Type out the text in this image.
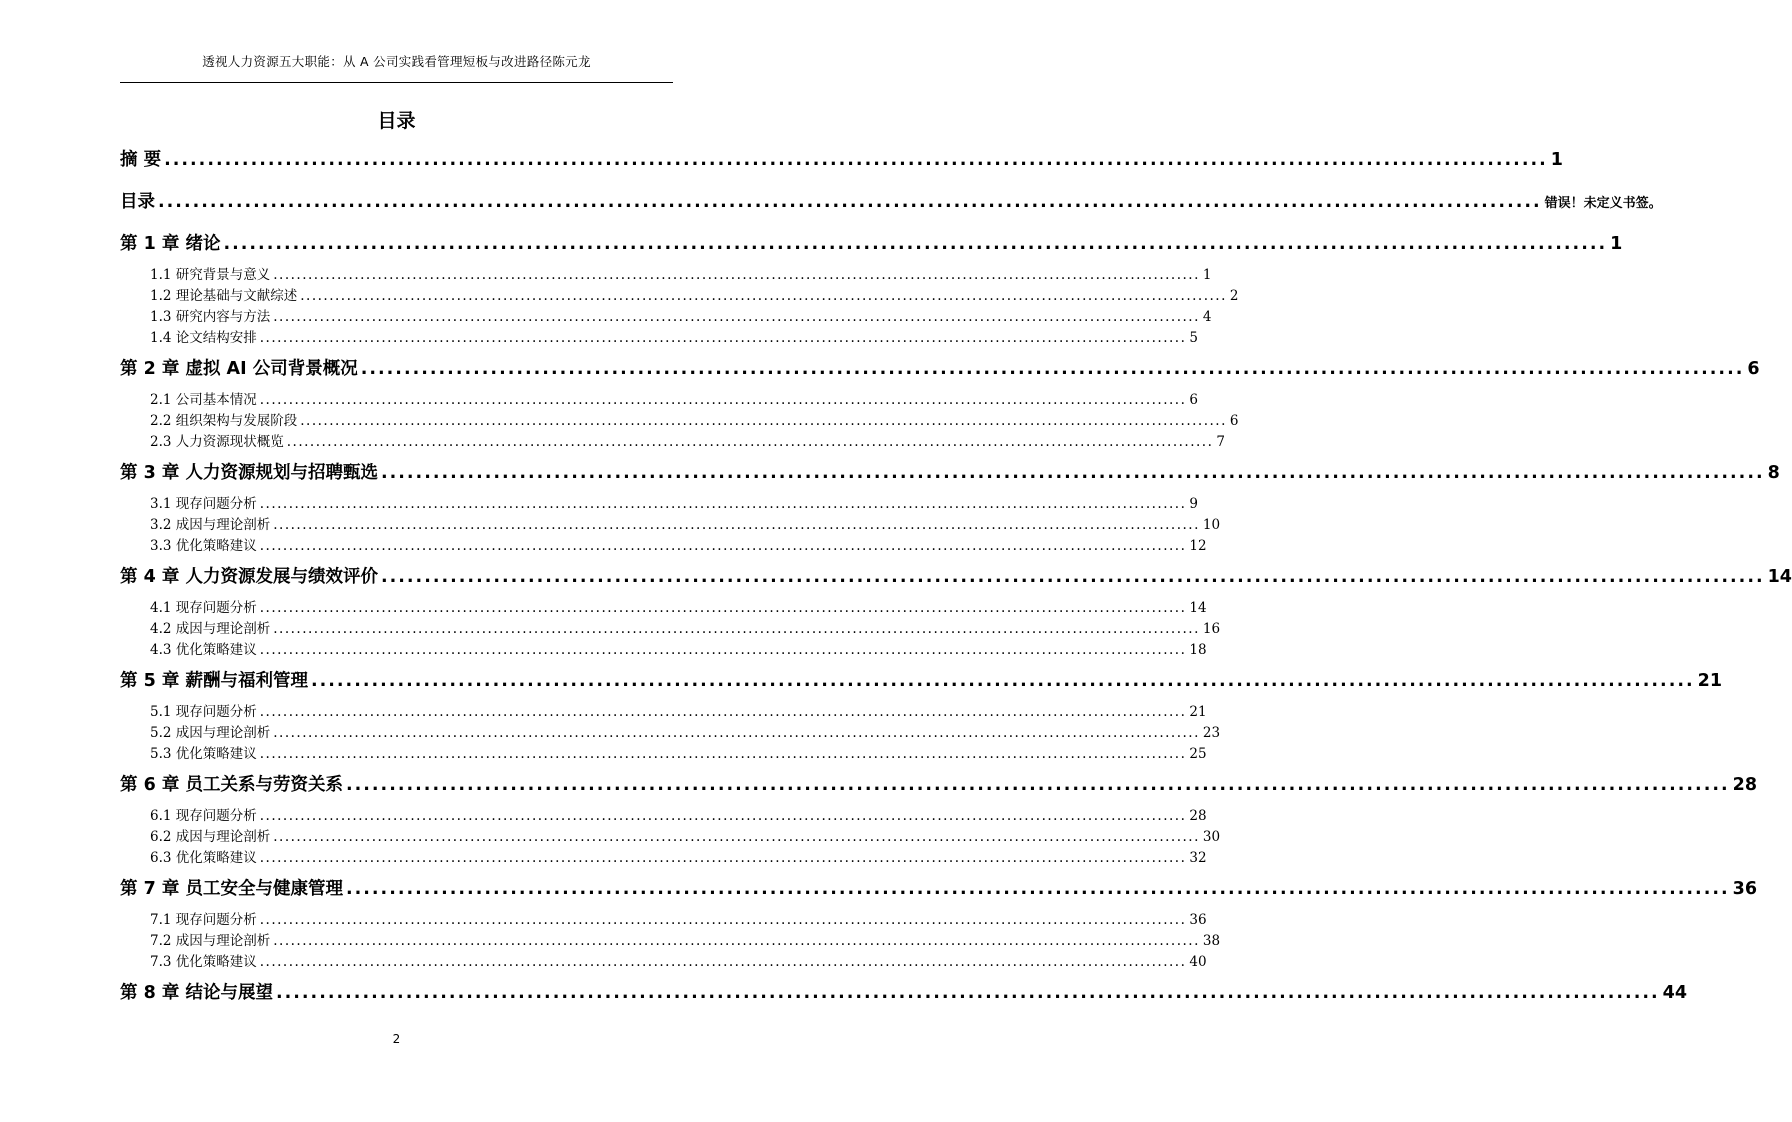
透视人力资源五大职能：从 A 公司实践看管理短板与改进路径陈元龙
目录
摘 要 ................................................................................................................................................................ 1
目录 ................................................................................................................................................................ 错误！未定义书签。
第 1 章 绪论 ................................................................................................................................................................ 1
1.1 研究背景与意义 ................................................................................................................................................................ 1
1.2 理论基础与文献综述 ................................................................................................................................................................ 2
1.3 研究内容与方法 ................................................................................................................................................................ 4
1.4 论文结构安排 ................................................................................................................................................................ 5
第 2 章 虚拟 AI 公司背景概况 ................................................................................................................................................................ 6
2.1 公司基本情况 ................................................................................................................................................................ 6
2.2 组织架构与发展阶段 ................................................................................................................................................................ 6
2.3 人力资源现状概览 ................................................................................................................................................................ 7
第 3 章 人力资源规划与招聘甄选 ................................................................................................................................................................ 8
3.1 现存问题分析 ................................................................................................................................................................ 9
3.2 成因与理论剖析 ................................................................................................................................................................ 10
3.3 优化策略建议 ................................................................................................................................................................ 12
第 4 章 人力资源发展与绩效评价 ................................................................................................................................................................ 14
4.1 现存问题分析 ................................................................................................................................................................ 14
4.2 成因与理论剖析 ................................................................................................................................................................ 16
4.3 优化策略建议 ................................................................................................................................................................ 18
第 5 章 薪酬与福利管理 ................................................................................................................................................................ 21
5.1 现存问题分析 ................................................................................................................................................................ 21
5.2 成因与理论剖析 ................................................................................................................................................................ 23
5.3 优化策略建议 ................................................................................................................................................................ 25
第 6 章 员工关系与劳资关系 ................................................................................................................................................................ 28
6.1 现存问题分析 ................................................................................................................................................................ 28
6.2 成因与理论剖析 ................................................................................................................................................................ 30
6.3 优化策略建议 ................................................................................................................................................................ 32
第 7 章 员工安全与健康管理 ................................................................................................................................................................ 36
7.1 现存问题分析 ................................................................................................................................................................ 36
7.2 成因与理论剖析 ................................................................................................................................................................ 38
7.3 优化策略建议 ................................................................................................................................................................ 40
第 8 章 结论与展望 ................................................................................................................................................................ 44
2
